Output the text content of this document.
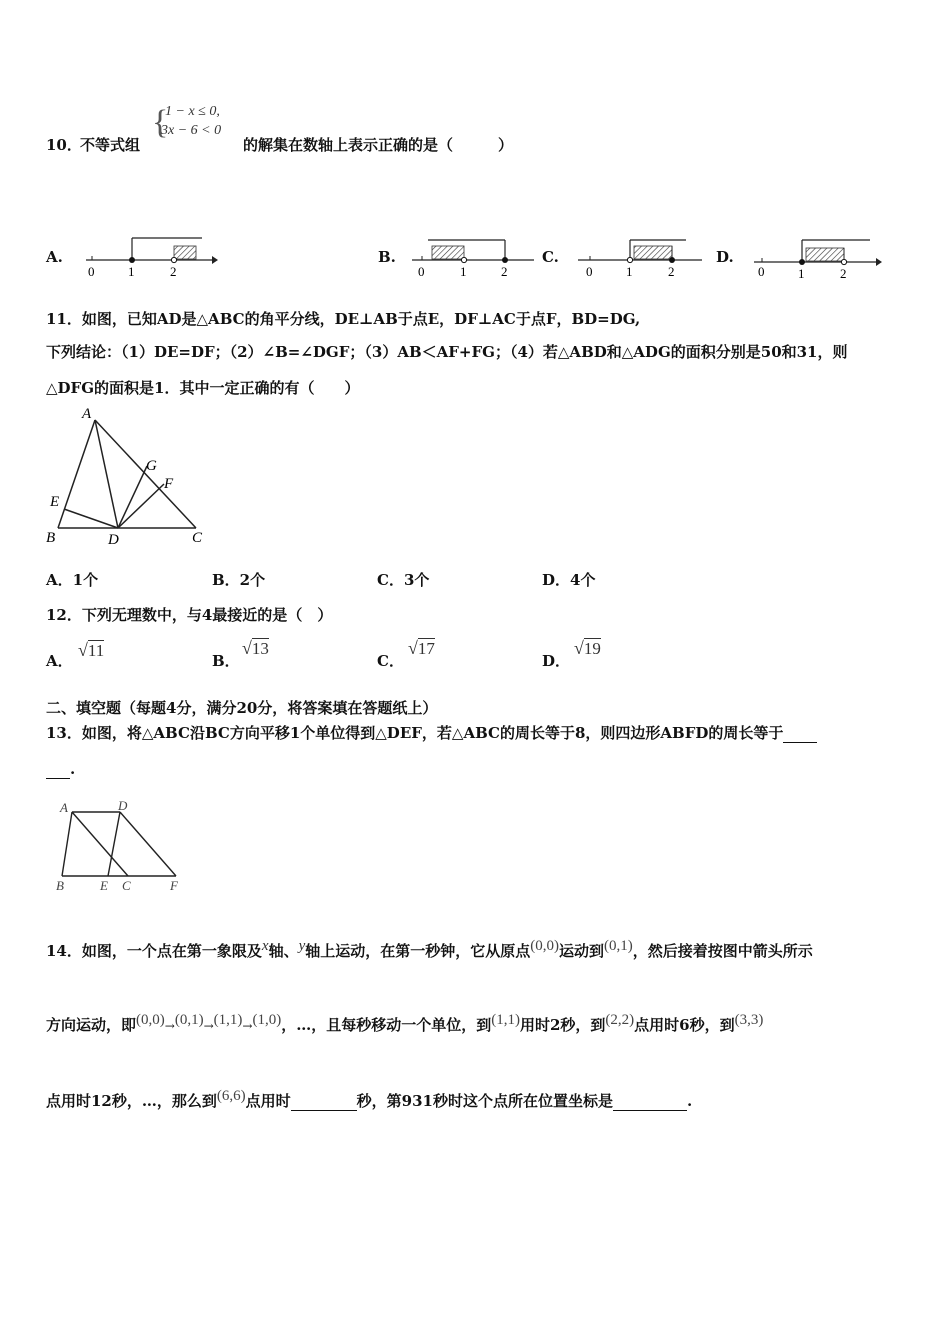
10．
不等式组
{
1 − x ≤ 0,
3x − 6 < 0
的解集在数轴上表示正确的是（　　　）
A.
0	1	2
B.
0	1	2
C.
0	1	2
D.
0	1	2
11．如图，已知AD是△ABC的角平分线，DE⊥AB于点E，DF⊥AC于点F，BD=DG,
下列结论：（1）DE=DF；（2）∠B=∠DGF；（3）AB＜AF+FG；（4）若△ABD和△ADG的面积分别是50和31，则
△DFG的面积是1．其中一定正确的有（　　）
A
G
F
E
B	D	C
A．1个	B．2个	C．3个	D．4个
12．下列无理数中，与4最接近的是（　）
A．
√11
B．
√13
C．
√17
D．
√19
二、填空题（每题4分，满分20分，将答案填在答题纸上）
13．如图，将△ABC沿BC方向平移1个单位得到△DEF，若△ABC的周长等于8，则四边形ABFD的周长等于
.
A	D
B	E C	F
14．如图，一个点在第一象限及x轴、y轴上运动，在第一秒钟，它从原点(0,0)运动到(0,1)，然后接着按图中箭头所示
方向运动，即(0,0)→(0,1)→(1,1)→(1,0)，…，且每秒移动一个单位，到(1,1)用时2秒，到(2,2)点用时6秒，到(3,3)
点用时12秒，…，那么到(6,6)点用时	秒，第931秒时这个点所在位置坐标是	.
